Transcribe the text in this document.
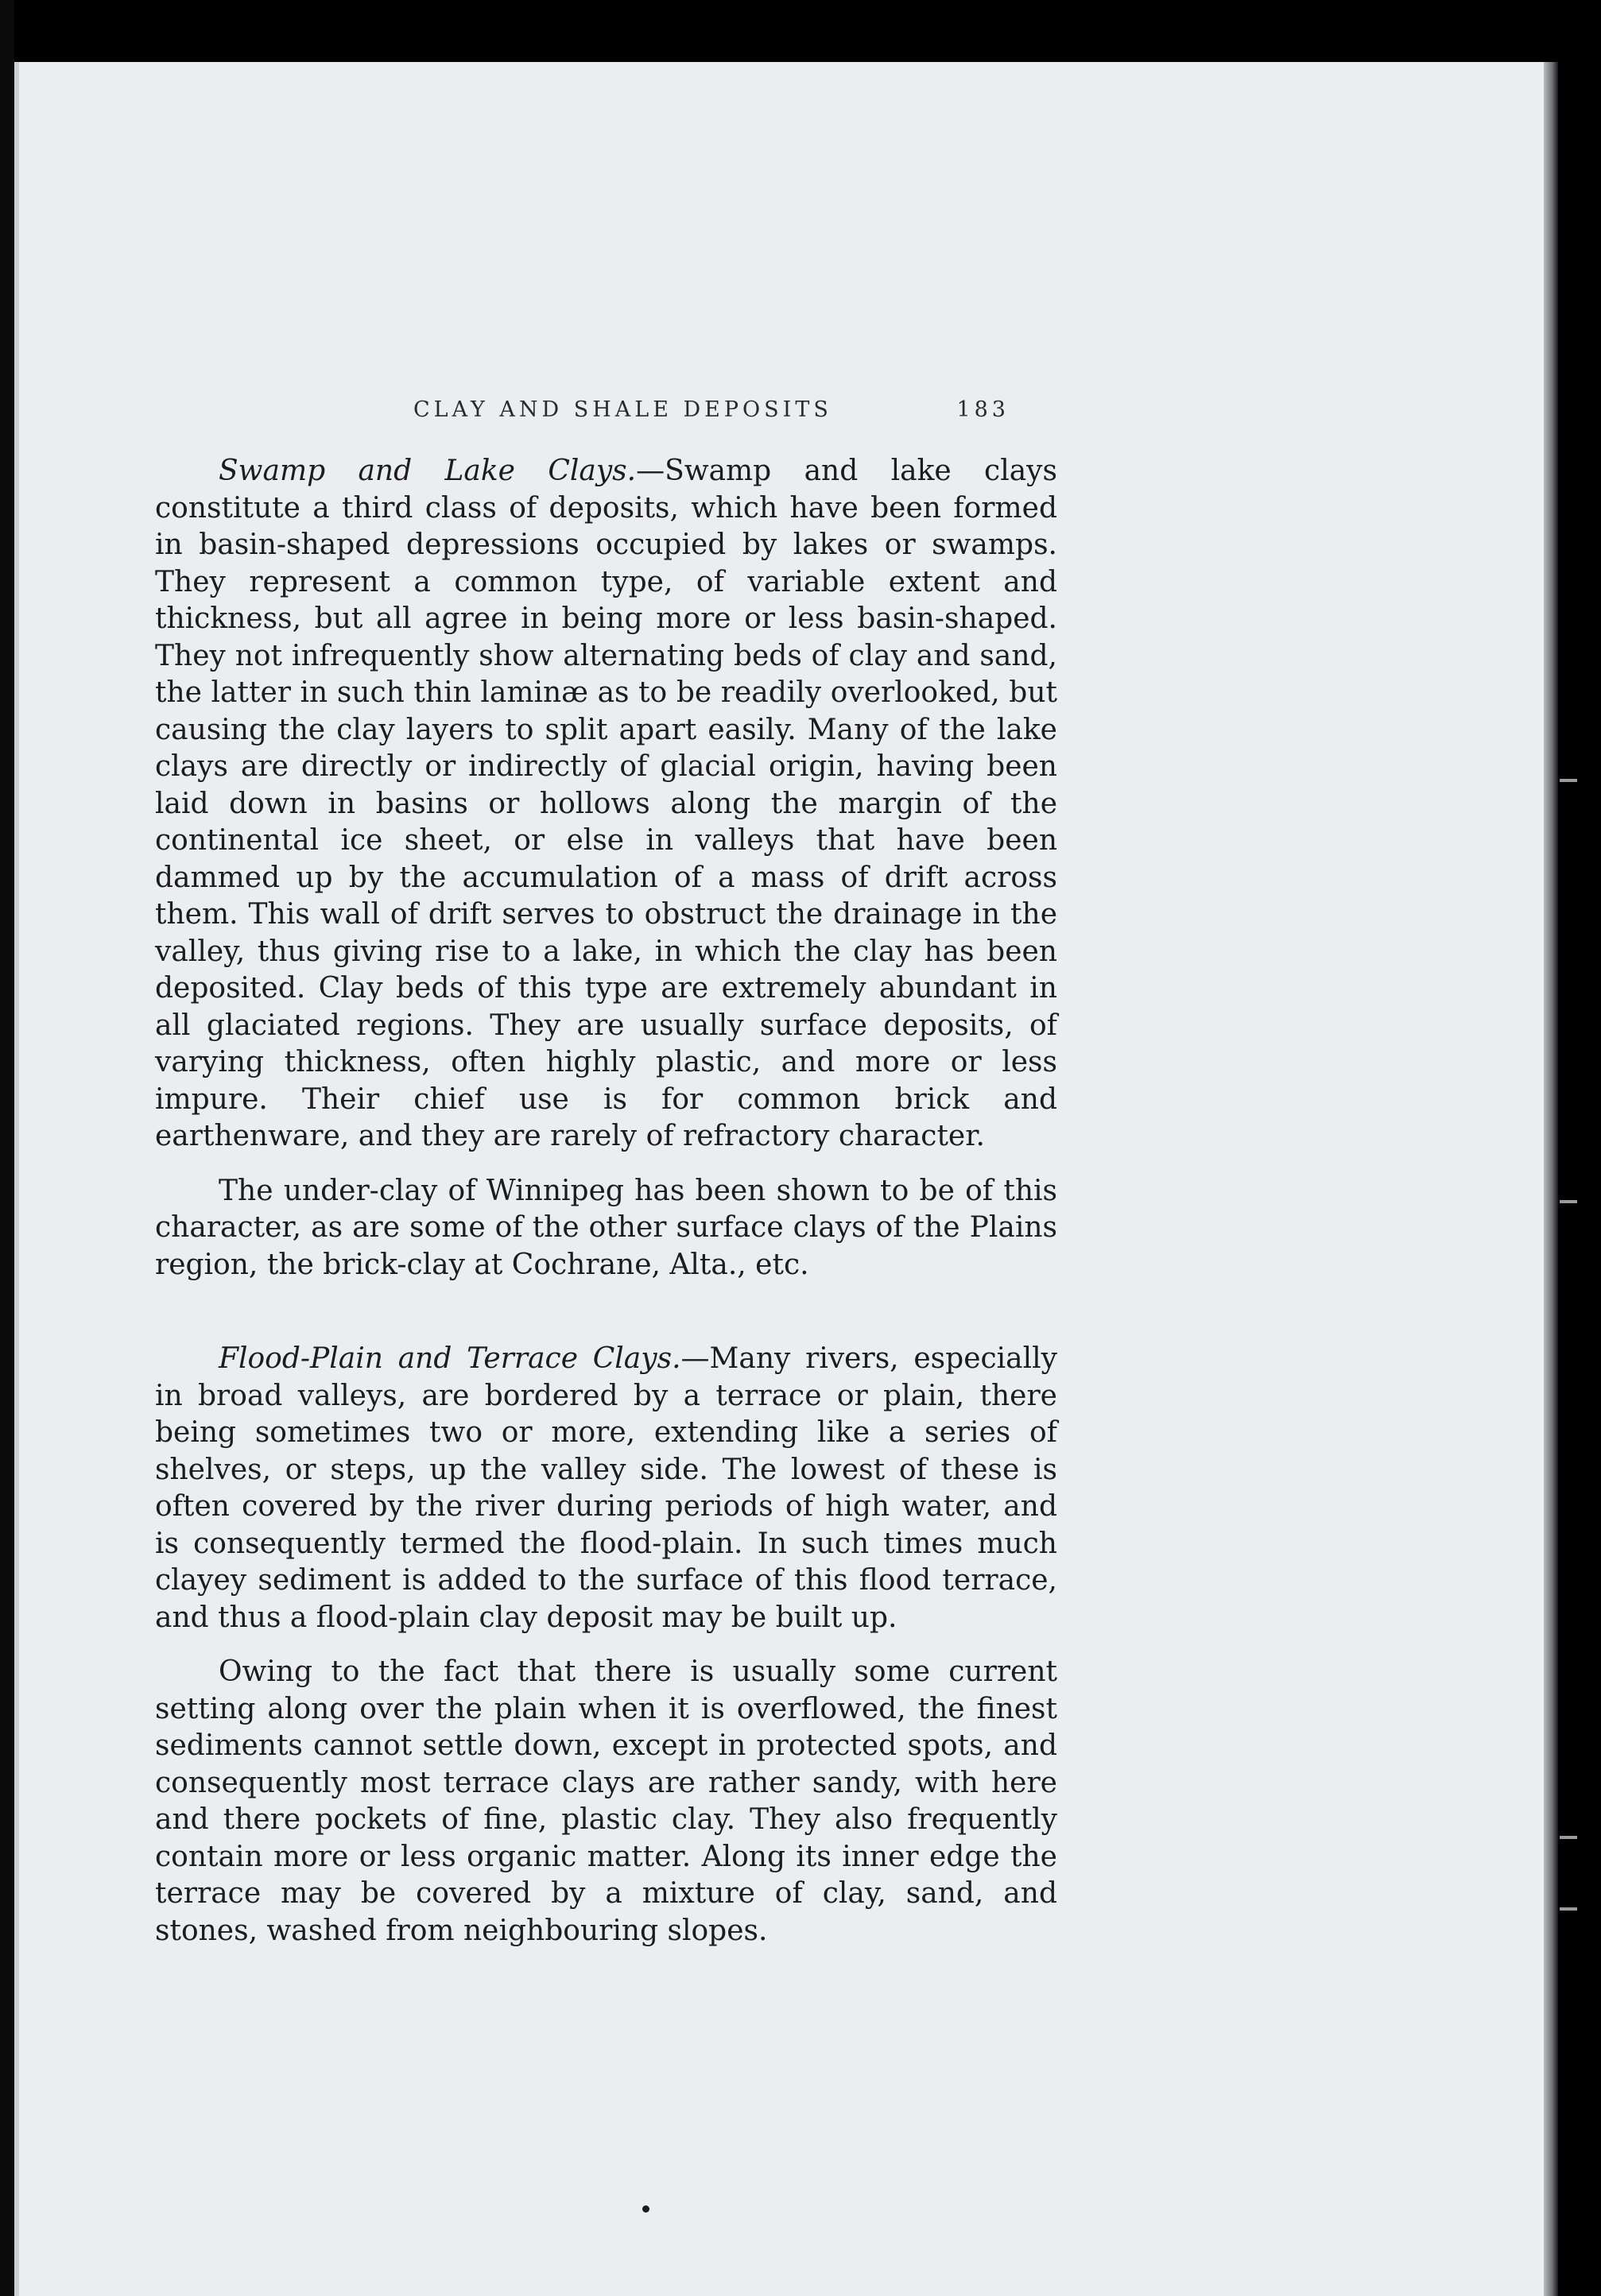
CLAY AND SHALE DEPOSITS	183

Swamp and Lake Clays.—Swamp and lake clays constitute a third class of deposits, which have been formed in basin-shaped depressions occupied by lakes or swamps. They represent a common type, of variable extent and thickness, but all agree in being more or less basin-shaped. They not infrequently show alternating beds of clay and sand, the latter in such thin laminæ as to be readily overlooked, but causing the clay layers to split apart easily. Many of the lake clays are directly or indirectly of glacial origin, having been laid down in basins or hollows along the margin of the continental ice sheet, or else in valleys that have been dammed up by the accumulation of a mass of drift across them. This wall of drift serves to obstruct the drainage in the valley, thus giving rise to a lake, in which the clay has been deposited. Clay beds of this type are extremely abundant in all glaciated regions. They are usually surface deposits, of varying thickness, often highly plastic, and more or less impure. Their chief use is for common brick and earthenware, and they are rarely of refractory character.

The under-clay of Winnipeg has been shown to be of this character, as are some of the other surface clays of the Plains region, the brick-clay at Cochrane, Alta., etc.

Flood-Plain and Terrace Clays.—Many rivers, especially in broad valleys, are bordered by a terrace or plain, there being sometimes two or more, extending like a series of shelves, or steps, up the valley side. The lowest of these is often covered by the river during periods of high water, and is consequently termed the flood-plain. In such times much clayey sediment is added to the surface of this flood terrace, and thus a flood-plain clay deposit may be built up.

Owing to the fact that there is usually some current setting along over the plain when it is overflowed, the finest sediments cannot settle down, except in protected spots, and consequently most terrace clays are rather sandy, with here and there pockets of fine, plastic clay. They also frequently contain more or less organic matter. Along its inner edge the terrace may be covered by a mixture of clay, sand, and stones, washed from neighbouring slopes.
